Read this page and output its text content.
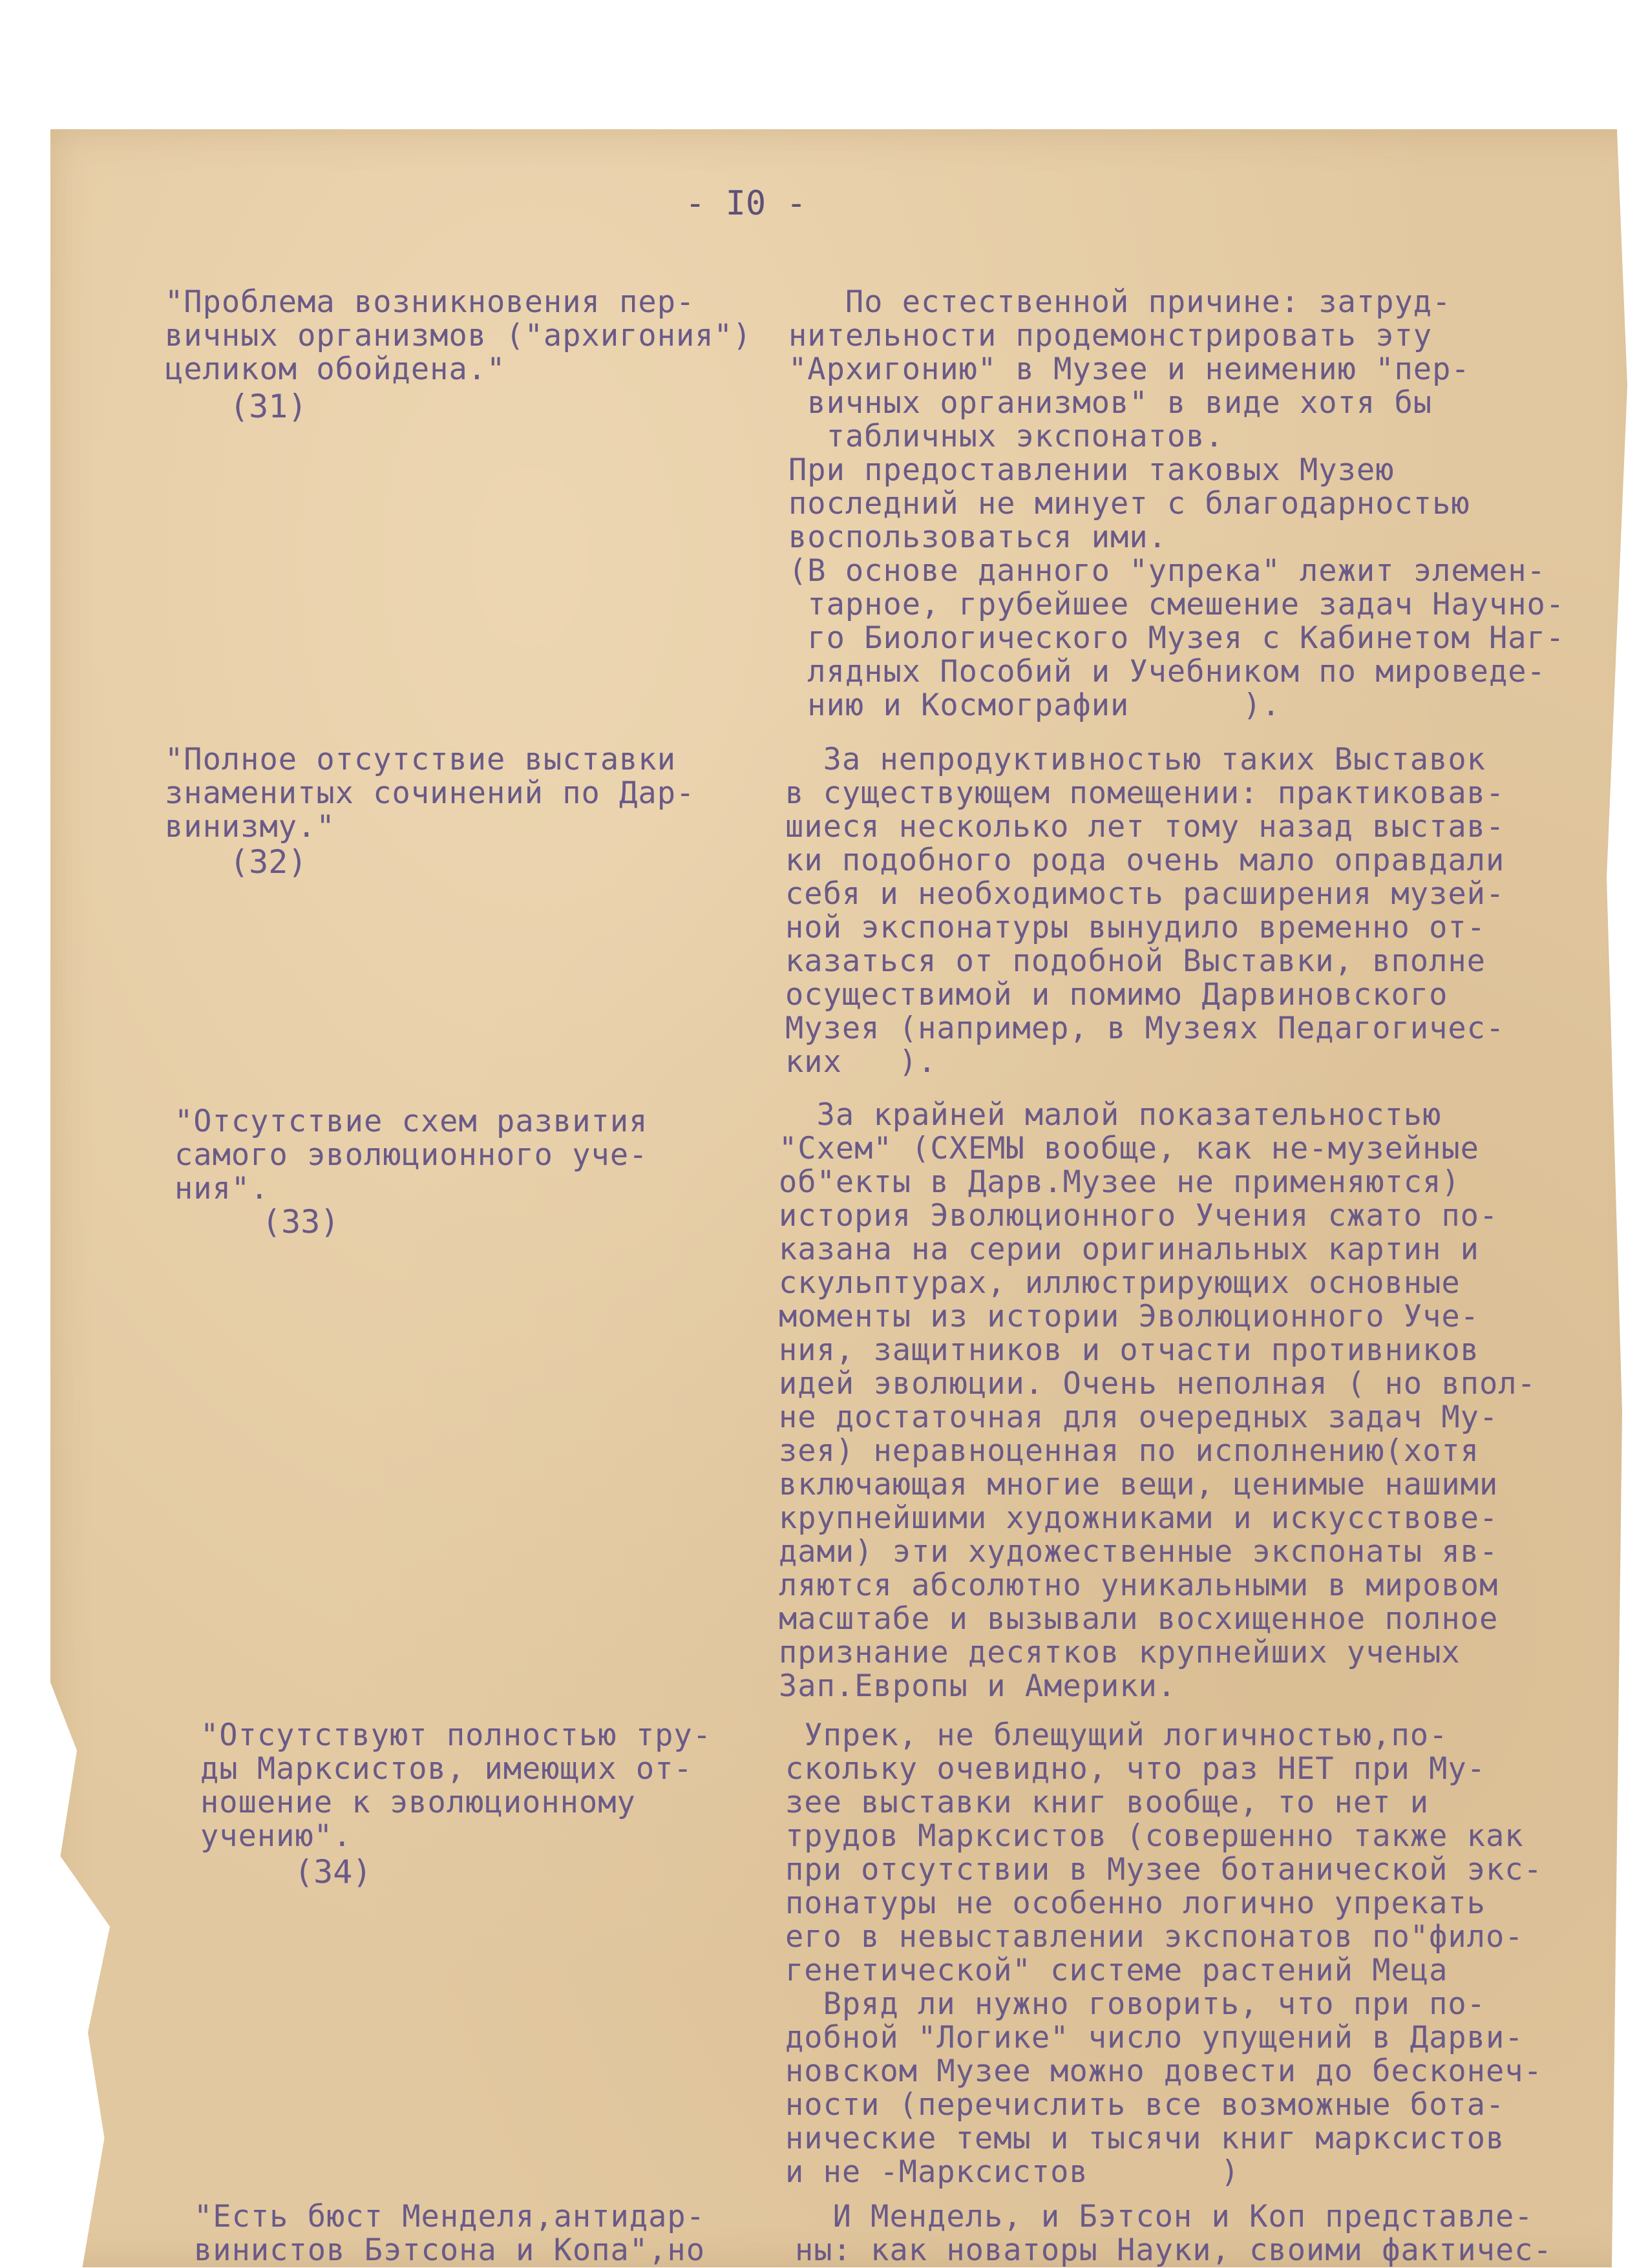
- I0 -
"Проблема возникновения пер-
вичных организмов ("архигония")
целиком обойдена."
(31)
По естественной причине: затруд-
нительности продемонстрировать эту
"Архигонию" в Музее и неимению "пер-
вичных организмов" в виде хотя бы
табличных экспонатов.
При предоставлении таковых Музею
последний не минует с благодарностью
воспользоваться ими.
(В основе данного "упрека" лежит элемен-
тарное, грубейшее смешение задач Научно-
го Биологического Музея с Кабинетом Наг-
лядных Пособий и Учебником по мироведе-
нию и Космографии      ).
"Полное отсутствие выставки
знаменитых сочинений по Дар-
винизму."
(32)
За непродуктивностью таких Выставок
в существующем помещении: практиковав-
шиеся несколько лет тому назад выстав-
ки подобного рода очень мало оправдали
себя и необходимость расширения музей-
ной экспонатуры вынудило временно от-
казаться от подобной Выставки, вполне
осуществимой и помимо Дарвиновского
Музея (например, в Музеях Педагогичес-
ких   ).
"Отсутствие схем развития
самого эволюционного уче-
ния".
(33)
За крайней малой показательностью
"Схем" (СХЕМЫ вообще, как не-музейные
об"екты в Дарв.Музее не применяются)
история Эволюционного Учения сжато по-
казана на серии оригинальных картин и
скульптурах, иллюстрирующих основные
моменты из истории Эволюционного Уче-
ния, защитников и отчасти противников
идей эволюции. Очень неполная ( но впол-
не достаточная для очередных задач Му-
зея) неравноценная по исполнению(хотя
включающая многие вещи, ценимые нашими
крупнейшими художниками и искусствове-
дами) эти художественные экспонаты яв-
ляются абсолютно уникальными в мировом
масштабе и вызывали восхищенное полное
признание десятков крупнейших ученых
Зап.Европы и Америки.
"Отсутствуют полностью тру-
ды Марксистов, имеющих от-
ношение к эволюционному
учению".
(34)
Упрек, не блещущий логичностью,по-
скольку очевидно, что раз НЕТ при Му-
зее выставки книг вообще, то нет и
трудов Марксистов (совершенно также как
при отсутствии в Музее ботанической экс-
понатуры не особенно логично упрекать
его в невыставлении экспонатов по"фило-
генетической" системе растений Меца
Вряд ли нужно говорить, что при по-
добной "Логике" число упущений в Дарви-
новском Музее можно довести до бесконеч-
ности (перечислить все возможные бота-
нические темы и тысячи книг марксистов
и не -Марксистов       )
"Есть бюст Менделя,антидар-
винистов Бэтсона и Копа",но
И Мендель, и Бэтсон и Коп представле-
ны: как новаторы Науки, своими фактичес-
